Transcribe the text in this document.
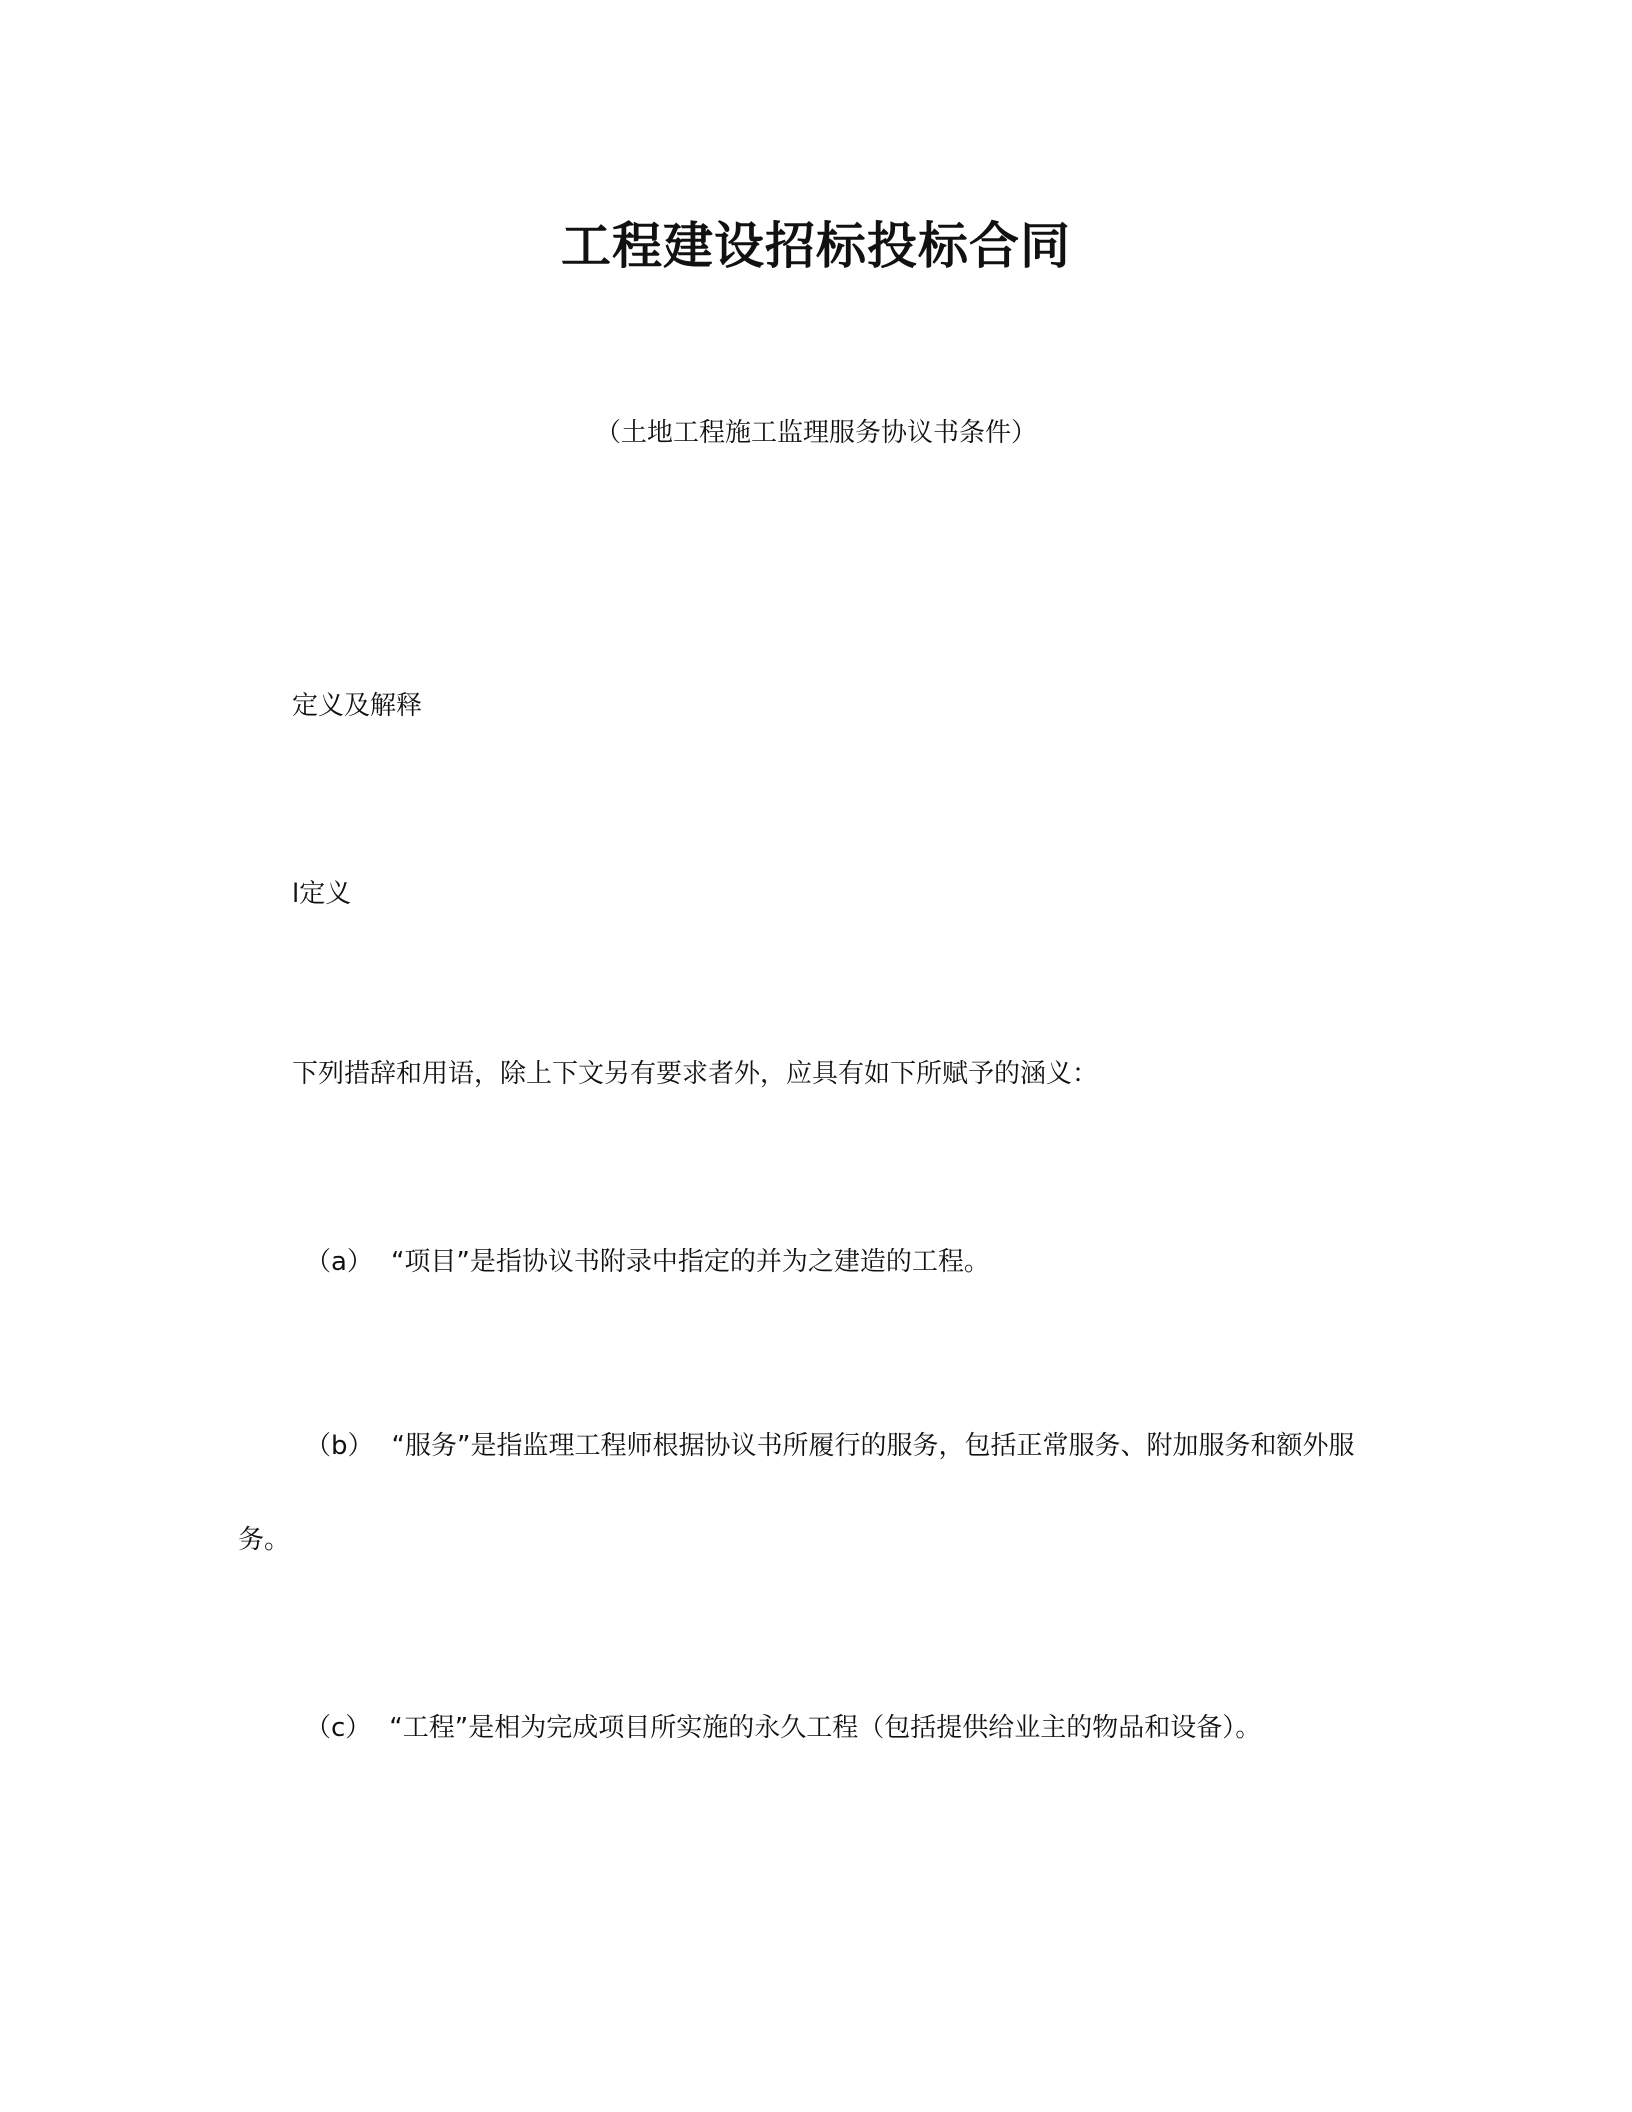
工程建设招标投标合同
（土地工程施工监理服务协议书条件）
定义及解释
l定义
下列措辞和用语，除上下文另有要求者外，应具有如下所赋予的涵义：
（a） “项目”是指协议书附录中指定的并为之建造的工程。
（b） “服务”是指监理工程师根据协议书所履行的服务，包括正常服务、附加服务和额外服
务。
（c） “工程”是相为完成项目所实施的永久工程（包括提供给业主的物品和设备）。
